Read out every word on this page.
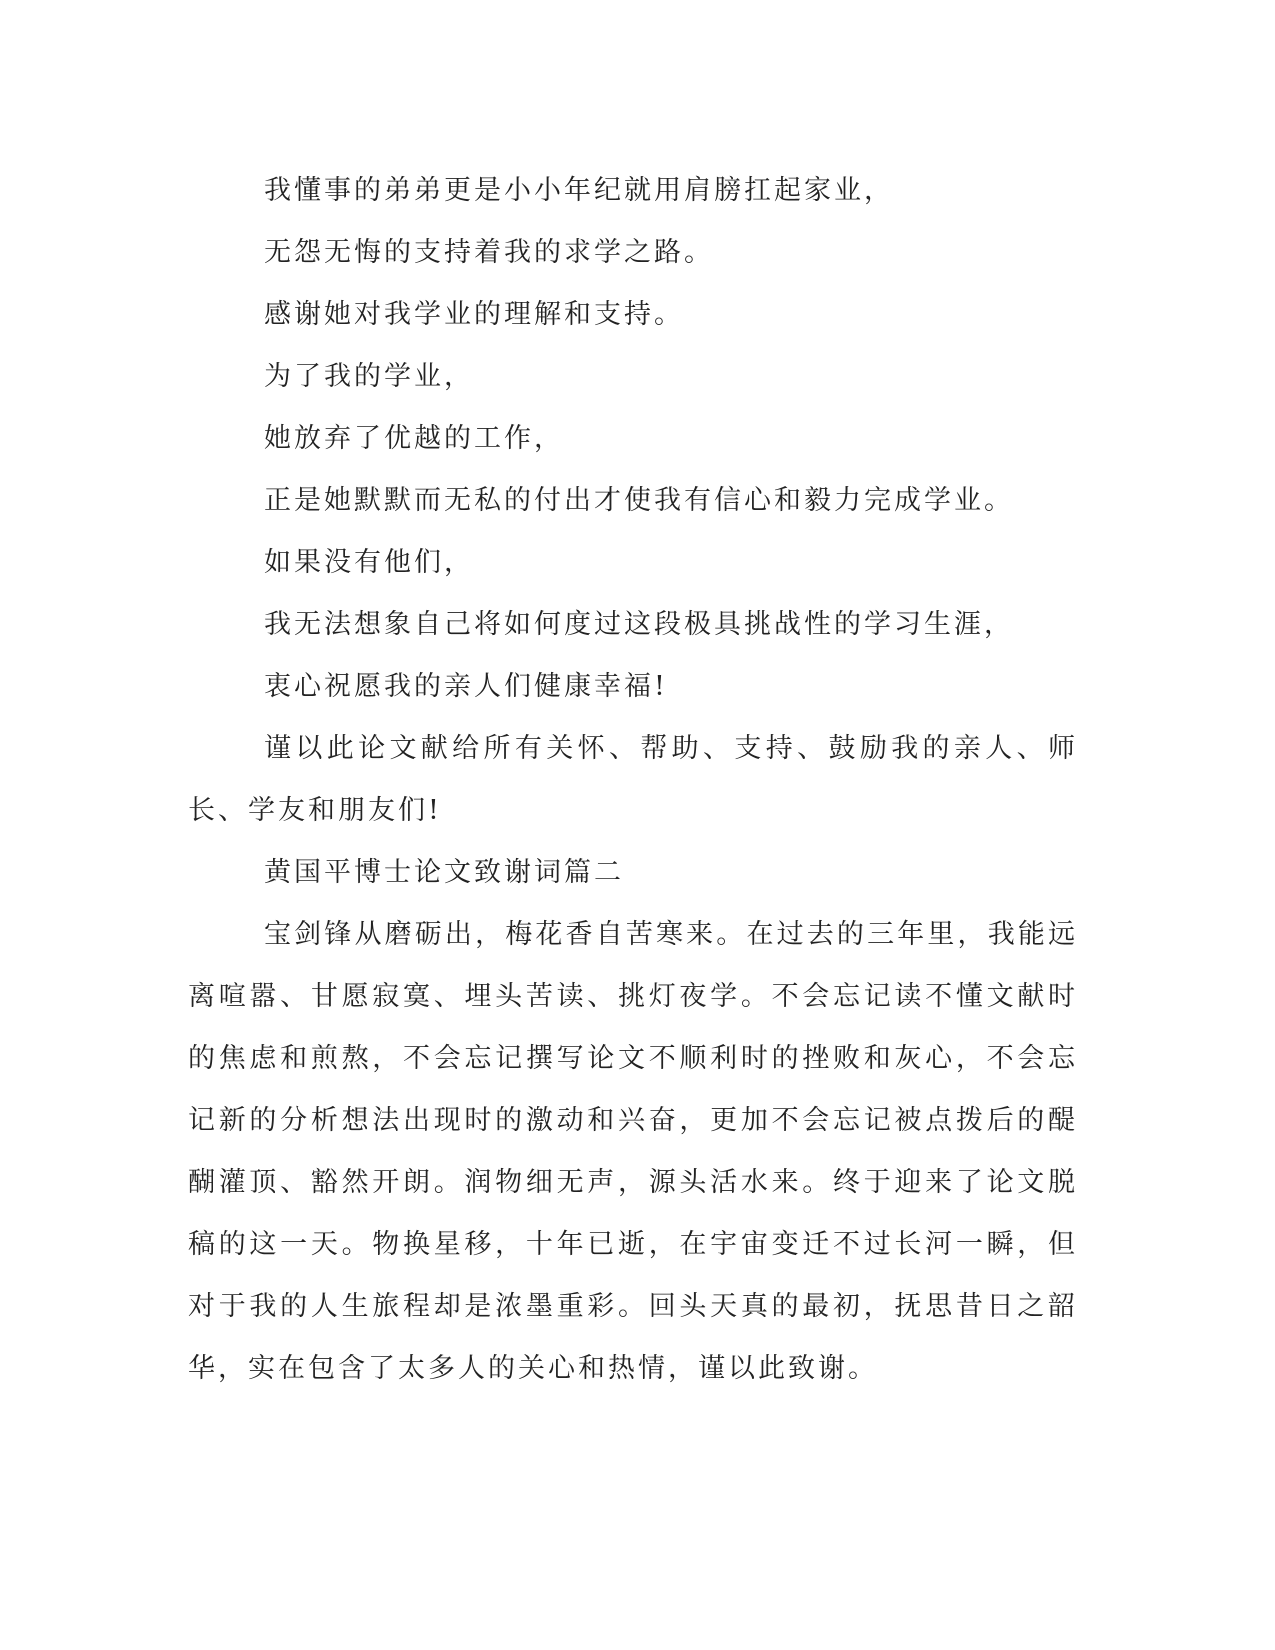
我懂事的弟弟更是小小年纪就用肩膀扛起家业，

无怨无悔的支持着我的求学之路。

感谢她对我学业的理解和支持。

为了我的学业，

她放弃了优越的工作，

正是她默默而无私的付出才使我有信心和毅力完成学业。

如果没有他们，

我无法想象自己将如何度过这段极具挑战性的学习生涯，

衷心祝愿我的亲人们健康幸福!

谨以此论文献给所有关怀、帮助、支持、鼓励我的亲人、师长、学友和朋友们!

黄国平博士论文致谢词篇二

宝剑锋从磨砺出，梅花香自苦寒来。在过去的三年里，我能远离喧嚣、甘愿寂寞、埋头苦读、挑灯夜学。不会忘记读不懂文献时的焦虑和煎熬，不会忘记撰写论文不顺利时的挫败和灰心，不会忘记新的分析想法出现时的激动和兴奋，更加不会忘记被点拨后的醍醐灌顶、豁然开朗。润物细无声，源头活水来。终于迎来了论文脱稿的这一天。物换星移，十年已逝，在宇宙变迁不过长河一瞬，但对于我的人生旅程却是浓墨重彩。回头天真的最初，抚思昔日之韶华，实在包含了太多人的关心和热情，谨以此致谢。
